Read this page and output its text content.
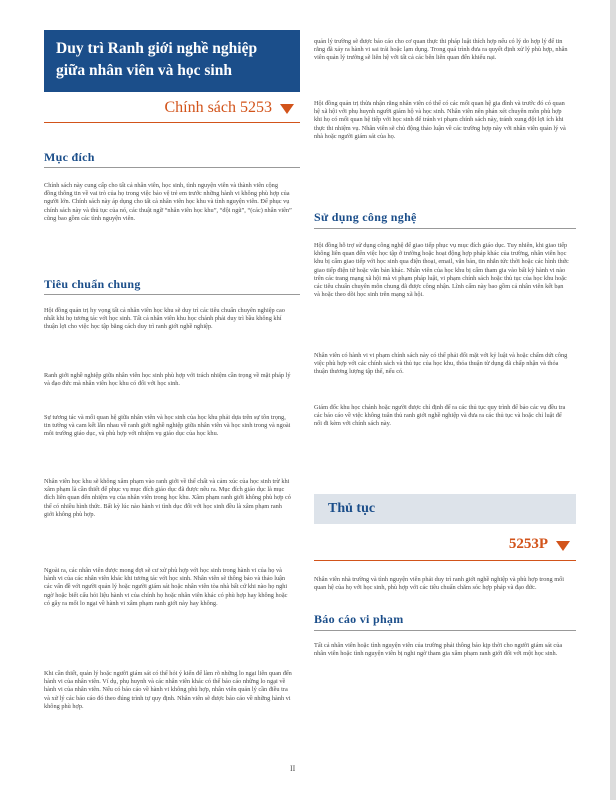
Duy trì Ranh giới nghề nghiệp
giữa nhân viên và học sinh
Chính sách 5253
Mục đích

Chính sách này cung cấp cho tất cả nhân viên, học sinh, tình nguyện viên và thành viên cộng đồng thông tin về vai trò của họ trong việc bảo vệ trẻ em trước những hành vi không phù hợp của người lớn. Chính sách này áp dụng cho tất cả nhân viên học khu và tình nguyện viên. Để phục vụ chính sách này và thủ tục của nó, các thuật ngữ “nhân viên học khu”, “đội ngũ”, “(các) nhân viên” cũng bao gồm các tình nguyện viên.

Tiêu chuẩn chung

Hội đồng quản trị hy vọng tất cả nhân viên học khu sẽ duy trì các tiêu chuẩn chuyên nghiệp cao nhất khi họ tương tác với học sinh. Tất cả nhân viên khu học chánh phải duy trì bầu không khí thuận lợi cho việc học tập bằng cách duy trì ranh giới nghề nghiệp.

Ranh giới nghề nghiệp giữa nhân viên học sinh phù hợp với trách nhiệm cần trọng về mặt pháp lý và đạo đức mà nhân viên học khu có đối với học sinh.

Sự tương tác và mối quan hệ giữa nhân viên và học sinh của học khu phải dựa trên sự tôn trọng, tin tưởng và cam kết lẫn nhau về ranh giới nghề nghiệp giữa nhân viên và học sinh trong và ngoài môi trường giáo dục, và phù hợp với nhiệm vụ giáo dục của học khu.

Nhân viên học khu sẽ không xâm phạm vào ranh giới về thể chất và cảm xúc của học sinh trừ khi xâm phạm là cần thiết để phục vụ mục đích giáo dục đã được nêu ra. Mục đích giáo dục là mục đích liên quan đến nhiệm vụ của nhân viên trong học khu. Xâm phạm ranh giới không phù hợp có thể có nhiều hình thức. Bất kỳ lúc nào hành vi tình dục đối với học sinh đều là xâm phạm ranh giới không phù hợp.

Ngoài ra, các nhân viên được mong đợi sẽ cư xử phù hợp với học sinh trong hành vi của họ và hành vi của các nhân viên khác khi tương tác với học sinh. Nhân viên sẽ thông báo và thảo luận các vấn đề với người quản lý hoặc người giám sát hoặc nhân viên tòa nhà bất cứ khi nào họ nghi ngờ hoặc biết cấu hỏi liệu hành vi của chính họ hoặc nhân viên khác có phù hợp hay không hoặc có gây ra mối lo ngại về hành vi xâm phạm ranh giới này hay không.

Khi cần thiết, quản lý hoặc người giám sát có thể hỏi ý kiến để làm rõ những lo ngại liên quan đến hành vi của nhân viên. Ví dụ, phụ huynh và các nhân viên khác có thể báo cáo những lo ngại về hành vi của nhân viên. Nếu có báo cáo về hành vi không phù hợp, nhân viên quản lý cần điều tra và xử lý các báo cáo đó theo đúng trình tự quy định. Nhân viên sẽ được báo cáo về những hành vi không phù hợp.

quản lý trường sẽ được báo cáo cho cơ quan thực thi pháp luật thích hợp nếu có lý do hợp lý để tin rằng đã xảy ra hành vi sai trái hoặc lạm dụng. Trong quá trình đưa ra quyết định xử lý phù hợp, nhân viên quản lý trường sẽ liên hệ với tất cả các bên liên quan đến khiếu nại.

Hội đồng quản trị thừa nhận rằng nhân viên có thể có các mối quan hệ gia đình và trước đó có quan hệ xã hội với phụ huynh người giám hộ và học sinh. Nhân viên nên phán xét chuyên môn phù hợp khi họ có mối quan hệ tiếp với học sinh để tránh vi phạm chính sách này, tránh xung đột lợi ích khi thực thi nhiệm vụ. Nhân viên sẽ chủ động thảo luận về các trường hợp này với nhân viên quản lý và nhà hoặc người giám sát của họ.

Sử dụng công nghệ

Hội đồng hỗ trợ sử dụng công nghệ để giao tiếp phục vụ mục đích giáo dục. Tuy nhiên, khi giao tiếp không liên quan đến việc học tập ở trường hoặc hoạt động hợp pháp khác của trường, nhân viên học khu bị cấm giao tiếp với học sinh qua điện thoại, email, văn bản, tin nhắn tức thời hoặc các hình thức giao tiếp điện tử hoặc văn bản khác. Nhân viên của học khu bị cấm tham gia vào bất kỳ hành vi nào trên các trang mạng xã hội mà vi phạm pháp luật, vi phạm chính sách hoặc thủ tục của học khu hoặc các tiêu chuẩn chuyên môn chung đã được công nhận. Lĩnh cấm này bao gồm cả nhân viên kết bạn và hoặc theo dõi học sinh trên mạng xã hội.

Nhân viên có hành vi vi phạm chính sách này có thể phải đối mặt với kỷ luật và hoặc chấm dứt công việc phù hợp với các chính sách và thủ tục của học khu, thỏa thuận từ dụng đã chấp nhận và thỏa thuận thương lượng tập thể, nếu có.

Giám đốc khu học chánh hoặc người được chỉ định để ra các thủ tục quy trình để bảo các vụ đều tra các báo cáo về việc không tuân thủ ranh giới nghề nghiệp và đưa ra các thủ tục và hoặc chỉ luật để nối đi kèm với chính sách này.

Thủ tục
5253P

Nhân viên nhà trường và tình nguyện viên phải duy trì ranh giới nghề nghiệp và phù hợp trong mối quan hệ của họ với học sinh, phù hợp với các tiêu chuẩn chăm sóc hợp pháp và đạo đức.

Báo cáo vi phạm

Tất cả nhân viên hoặc tình nguyện viên của trường phải thông báo kịp thời cho người giám sát của nhân viên hoặc tình nguyện viên bị nghi ngờ tham gia xâm phạm ranh giới đối với một học sinh.

II
